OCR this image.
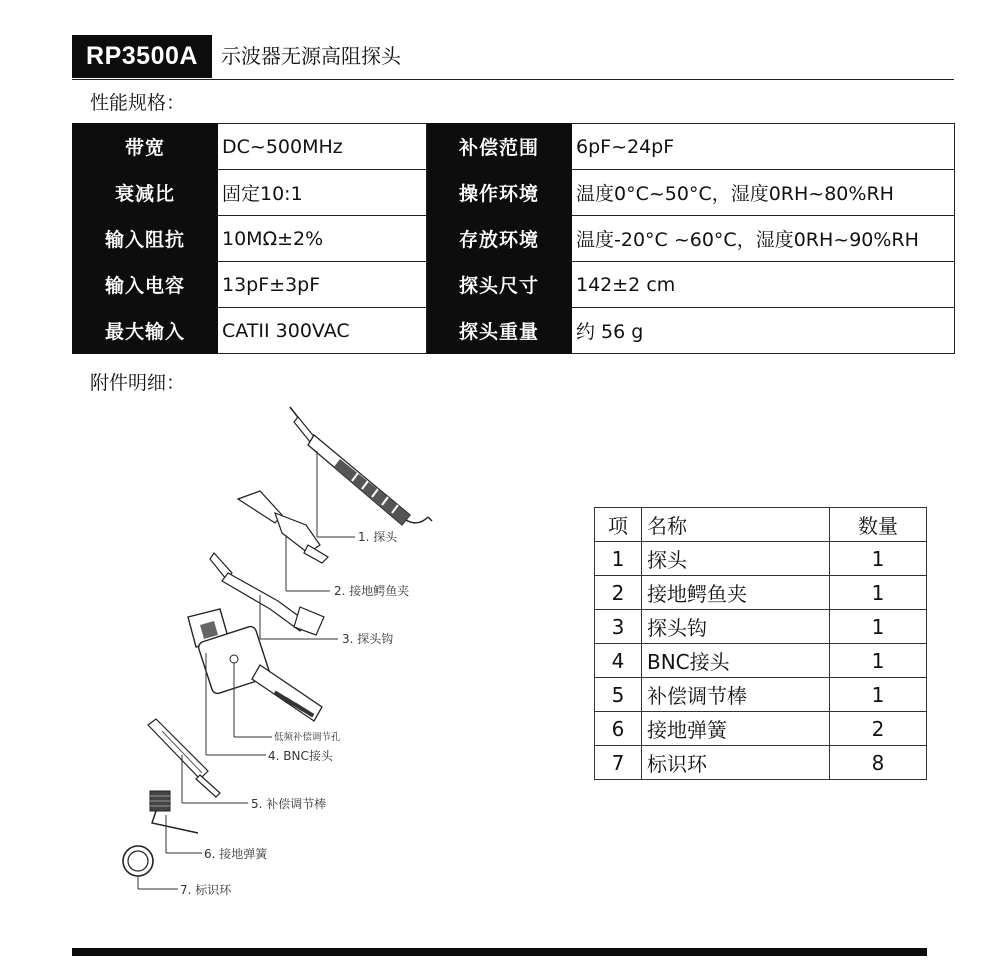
RP3500A	示波器无源高阻探头
性能规格：
带宽	DC~500MHz	补偿范围	6pF~24pF
衰减比	固定10:1	操作环境	温度0°C~50°C，湿度0RH~80%RH
输入阻抗	10MΩ±2%	存放环境	温度-20°C ~60°C，湿度0RH~90%RH
输入电容	13pF±3pF	探头尺寸	142±2 cm
最大输入	CATII 300VAC	探头重量	约 56 g
附件明细：
1. 探头
2. 接地鳄鱼夹
3. 探头钩
低频补偿调节孔
4. BNC接头
5. 补偿调节棒
6. 接地弹簧
7. 标识环
项	名称	数量
1	探头	1
2	接地鳄鱼夹	1
3	探头钩	1
4	BNC接头	1
5	补偿调节棒	1
6	接地弹簧	2
7	标识环	8
